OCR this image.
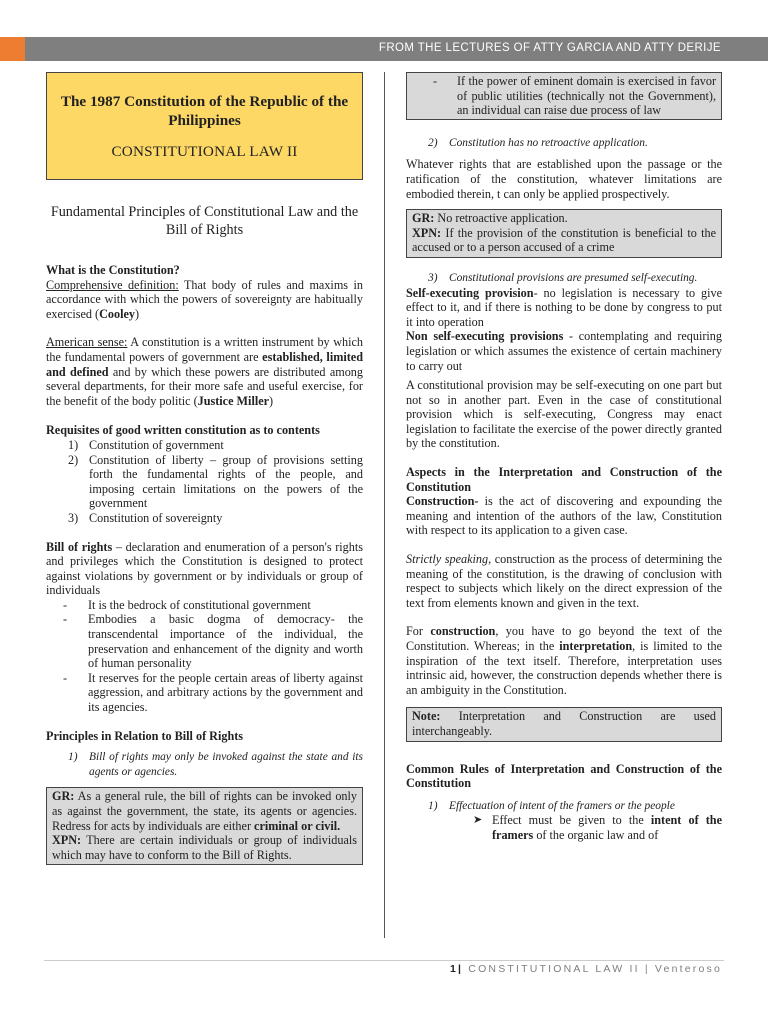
FROM THE LECTURES OF ATTY GARCIA AND ATTY DERIJE
The 1987 Constitution of the Republic of the Philippines
CONSTITUTIONAL LAW II
Fundamental Principles of Constitutional Law and the Bill of Rights

What is the Constitution?

Comprehensive definition: That body of rules and maxims in accordance with which the powers of sovereignty are habitually exercised (Cooley)

American sense: A constitution is a written instrument by which the fundamental powers of government are established, limited and defined and by which these powers are distributed among several departments, for their more safe and useful exercise, for the benefit of the body politic (Justice Miller)

Requisites of good written constitution as to contents

1) Constitution of government
2) Constitution of liberty – group of provisions setting forth the fundamental rights of the people, and imposing certain limitations on the powers of the government
3) Constitution of sovereignty

Bill of rights – declaration and enumeration of a person's rights and privileges which the Constitution is designed to protect against violations by government or by individuals or group of individuals

- It is the bedrock of constitutional government
- Embodies a basic dogma of democracy- the transcendental importance of the individual, the preservation and enhancement of the dignity and worth of human personality
- It reserves for the people certain areas of liberty against aggression, and arbitrary actions by the government and its agencies.

Principles in Relation to Bill of Rights

1) Bill of rights may only be invoked against the state and its agents or agencies.

GR: As a general rule, the bill of rights can be invoked only as against the government, the state, its agents or agencies. Redress for acts by individuals are either criminal or civil.

XPN: There are certain individuals or group of individuals which may have to conform to the Bill of Rights.

- If the power of eminent domain is exercised in favor of public utilities (technically not the Government), an individual can raise due process of law
2) Constitution has no retroactive application.

Whatever rights that are established upon the passage or the ratification of the constitution, whatever limitations are embodied therein, t can only be applied prospectively.

GR: No retroactive application.

XPN: If the provision of the constitution is beneficial to the accused or to a person accused of a crime

3) Constitutional provisions are presumed self-executing.

Self-executing provision- no legislation is necessary to give effect to it, and if there is nothing to be done by congress to put it into operation

Non self-executing provisions - contemplating and requiring legislation or which assumes the existence of certain machinery to carry out

A constitutional provision may be self-executing on one part but not so in another part. Even in the case of constitutional provision which is self-executing, Congress may enact legislation to facilitate the exercise of the power directly granted by the constitution.

Aspects in the Interpretation and Construction of the Constitution

Construction- is the act of discovering and expounding the meaning and intention of the authors of the law, Constitution with respect to its application to a given case.

Strictly speaking, construction as the process of determining the meaning of the constitution, is the drawing of conclusion with respect to subjects which likely on the direct expression of the text from elements known and given in the text.

For construction, you have to go beyond the text of the Constitution. Whereas; in the interpretation, is limited to the inspiration of the text itself. Therefore, interpretation uses intrinsic aid, however, the construction depends whether there is an ambiguity in the Constitution.

Note: Interpretation and Construction are used interchangeably.

Common Rules of Interpretation and Construction of the Constitution

1) Effectuation of intent of the framers or the people
➤ Effect must be given to the intent of the framers of the organic law and of
1| CONSTITUTIONAL LAW II | Venteroso
